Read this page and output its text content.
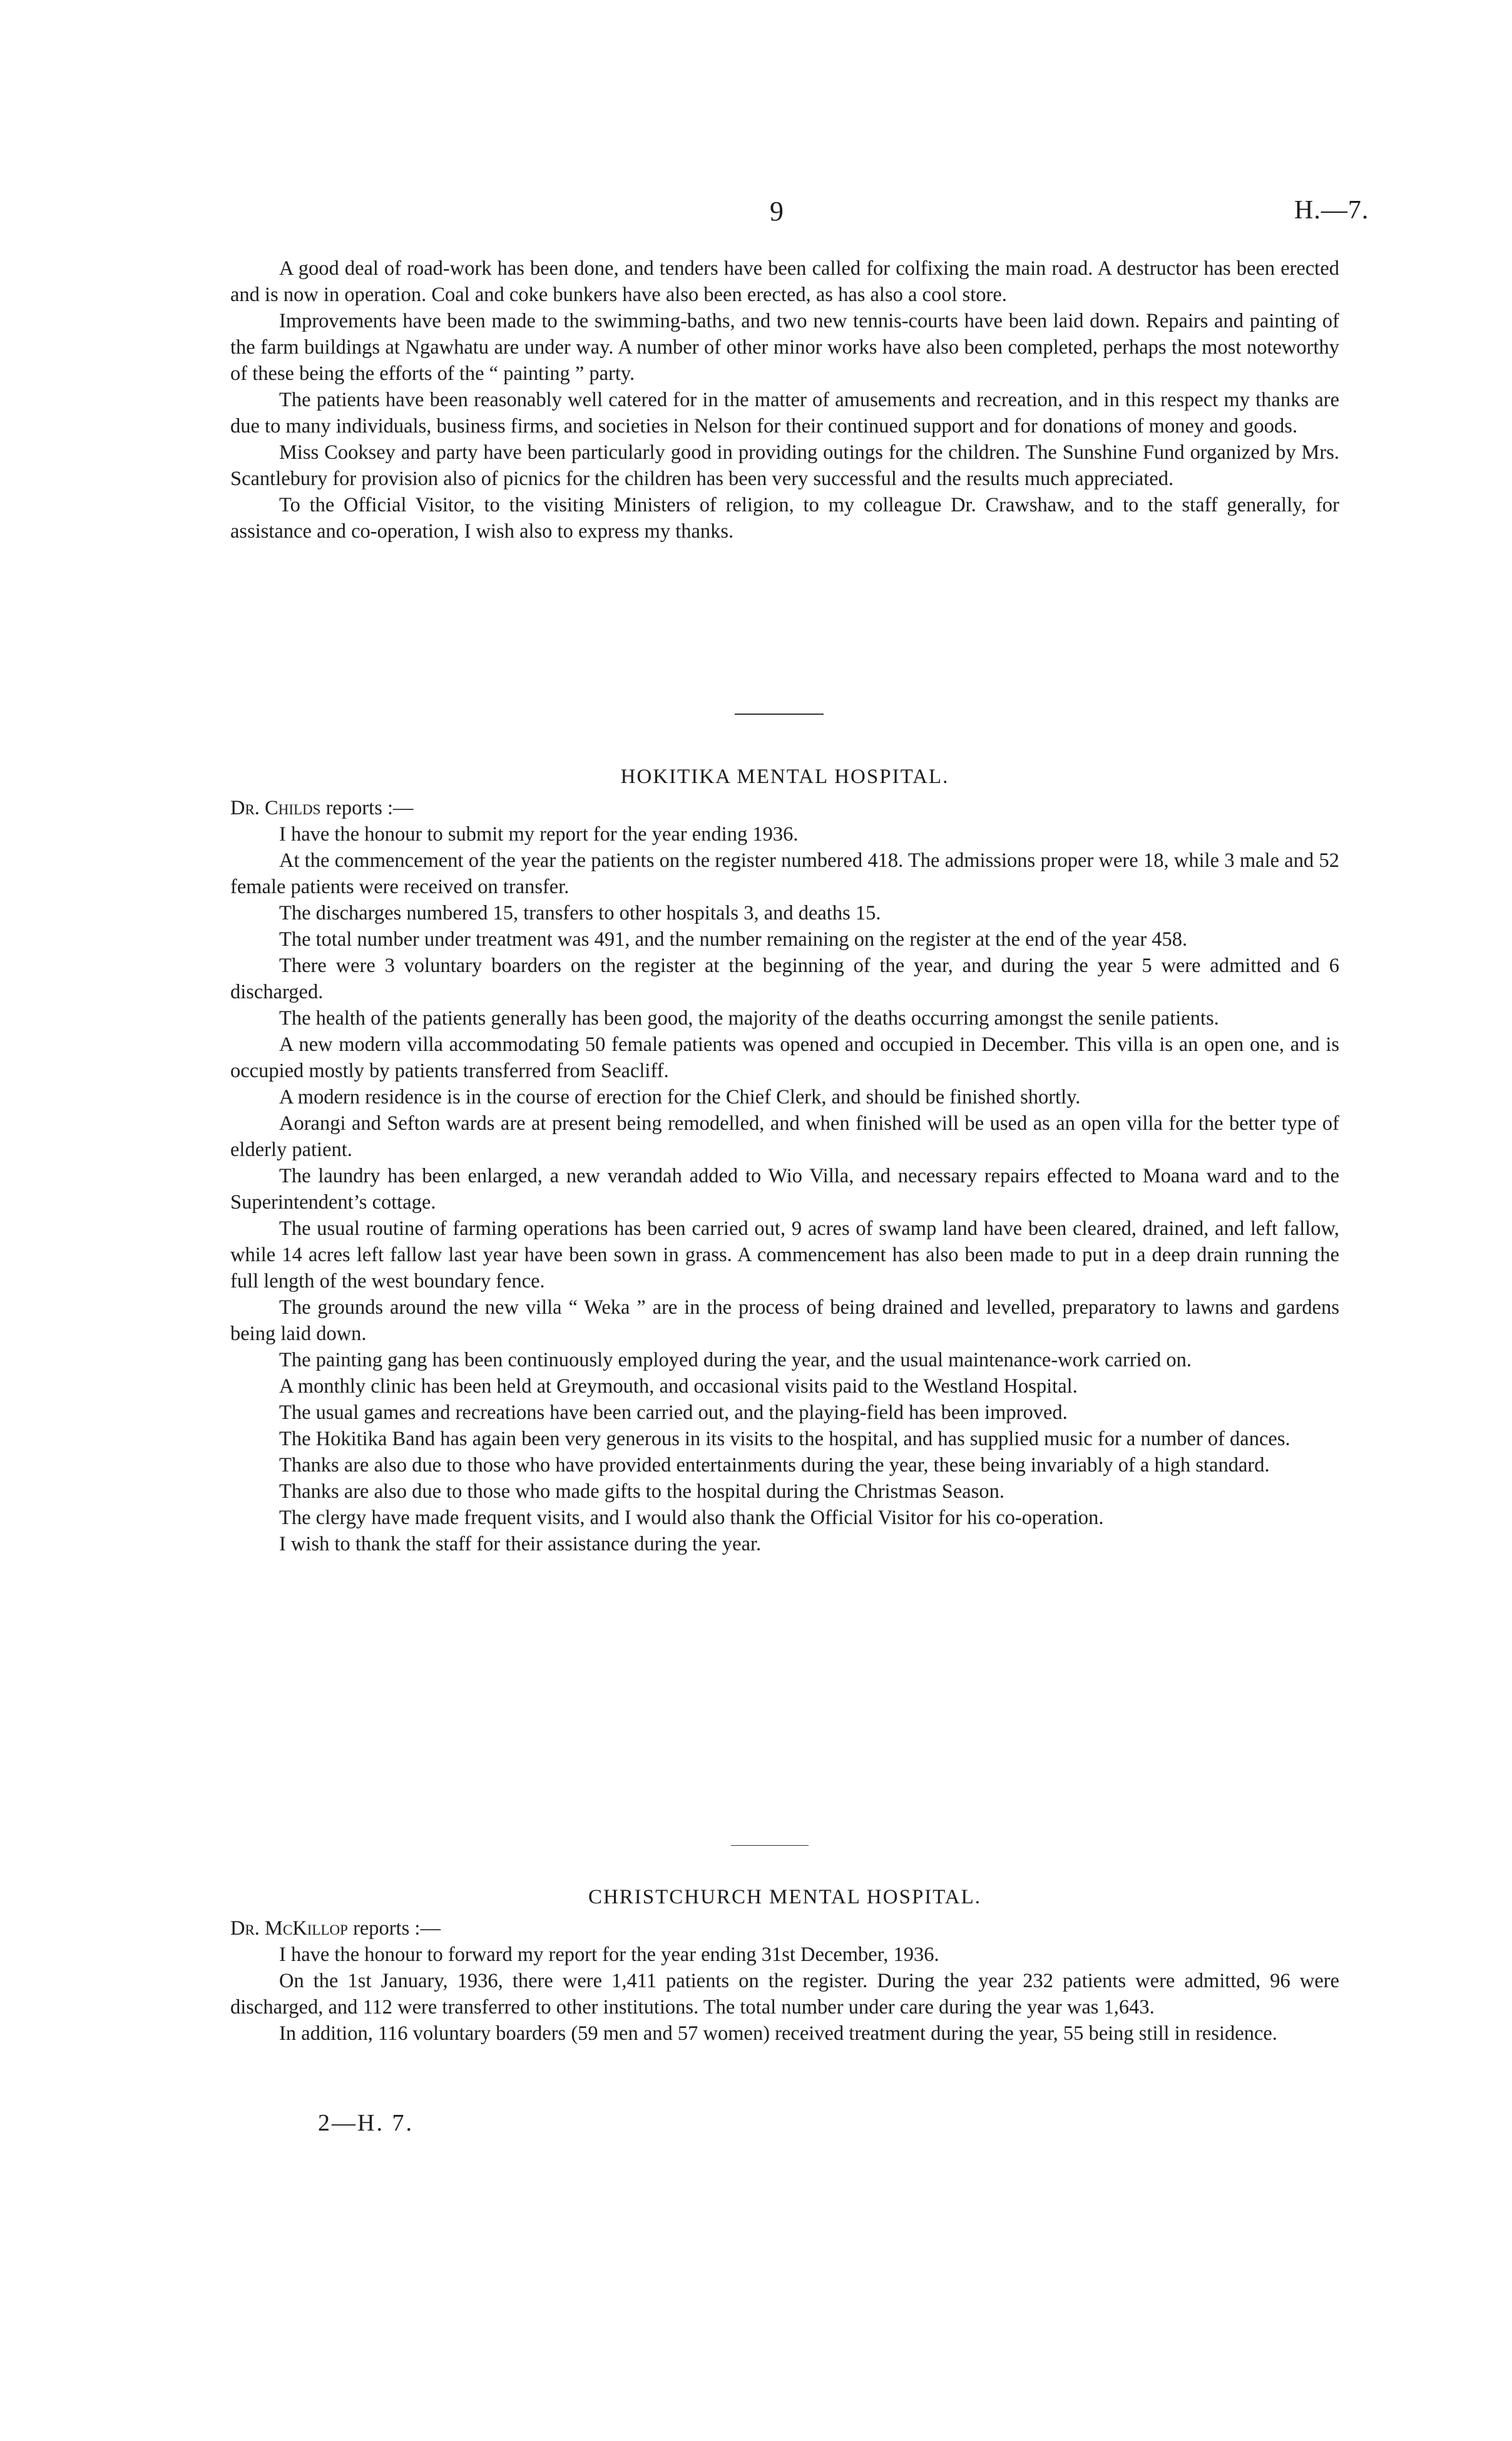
9	H.—7.

A good deal of road-work has been done, and tenders have been called for colfixing the main road. A destructor has been erected and is now in operation. Coal and coke bunkers have also been erected, as has also a cool store.

Improvements have been made to the swimming-baths, and two new tennis-courts have been laid down. Repairs and painting of the farm buildings at Ngawhatu are under way. A number of other minor works have also been completed, perhaps the most noteworthy of these being the efforts of the “ painting ” party.

The patients have been reasonably well catered for in the matter of amusements and recreation, and in this respect my thanks are due to many individuals, business firms, and societies in Nelson for their continued support and for donations of money and goods.

Miss Cooksey and party have been particularly good in providing outings for the children. The Sunshine Fund organized by Mrs. Scantlebury for provision also of picnics for the children has been very successful and the results much appreciated.

To the Official Visitor, to the visiting Ministers of religion, to my colleague Dr. Crawshaw, and to the staff generally, for assistance and co-operation, I wish also to express my thanks.

HOKITIKA MENTAL HOSPITAL.
Dr. Childs reports :—

I have the honour to submit my report for the year ending 1936.

At the commencement of the year the patients on the register numbered 418. The admissions proper were 18, while 3 male and 52 female patients were received on transfer.

The discharges numbered 15, transfers to other hospitals 3, and deaths 15.

The total number under treatment was 491, and the number remaining on the register at the end of the year 458.

There were 3 voluntary boarders on the register at the beginning of the year, and during the year 5 were admitted and 6 discharged.

The health of the patients generally has been good, the majority of the deaths occurring amongst the senile patients.

A new modern villa accommodating 50 female patients was opened and occupied in December. This villa is an open one, and is occupied mostly by patients transferred from Seacliff.

A modern residence is in the course of erection for the Chief Clerk, and should be finished shortly.

Aorangi and Sefton wards are at present being remodelled, and when finished will be used as an open villa for the better type of elderly patient.

The laundry has been enlarged, a new verandah added to Wio Villa, and necessary repairs effected to Moana ward and to the Superintendent’s cottage.

The usual routine of farming operations has been carried out, 9 acres of swamp land have been cleared, drained, and left fallow, while 14 acres left fallow last year have been sown in grass. A commencement has also been made to put in a deep drain running the full length of the west boundary fence.

The grounds around the new villa “ Weka ” are in the process of being drained and levelled, preparatory to lawns and gardens being laid down.

The painting gang has been continuously employed during the year, and the usual maintenance-work carried on.

A monthly clinic has been held at Greymouth, and occasional visits paid to the Westland Hospital.

The usual games and recreations have been carried out, and the playing-field has been improved.

The Hokitika Band has again been very generous in its visits to the hospital, and has supplied music for a number of dances.

Thanks are also due to those who have provided entertainments during the year, these being invariably of a high standard.

Thanks are also due to those who made gifts to the hospital during the Christmas Season.

The clergy have made frequent visits, and I would also thank the Official Visitor for his co-operation.

I wish to thank the staff for their assistance during the year.

CHRISTCHURCH MENTAL HOSPITAL.
Dr. McKillop reports :—

I have the honour to forward my report for the year ending 31st December, 1936.

On the 1st January, 1936, there were 1,411 patients on the register. During the year 232 patients were admitted, 96 were discharged, and 112 were transferred to other institutions. The total number under care during the year was 1,643.

In addition, 116 voluntary boarders (59 men and 57 women) received treatment during the year, 55 being still in residence.

2—H. 7.
